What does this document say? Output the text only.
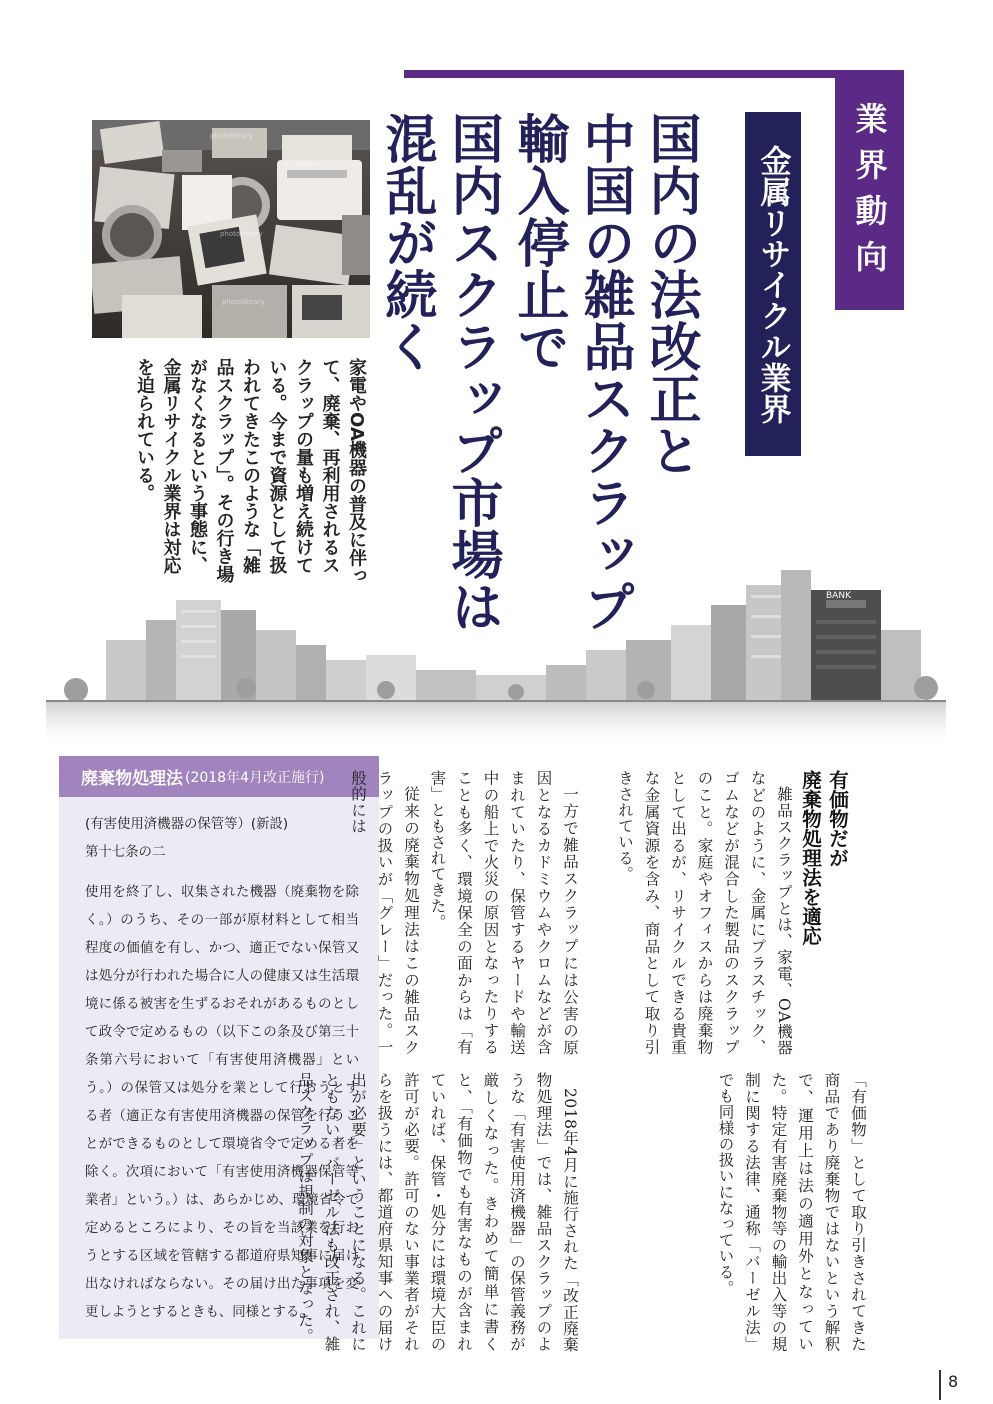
業界動向
金属リサイクル業界
国内の法改正と
中国の雑品スクラップ
輸入停止で
国内スクラップ市場は
混乱が続く
photolibrary
photolibrary
photolibrary
photolibrary
家電やOA機器の普及に伴って、廃棄、再利用されるスクラップの量も増え続けている。今まで資源として扱われてきたこのような「雑品スクラップ」。その行き場がなくなるという事態に、金属リサイクル業界は対応を迫られている。
BANK
廃棄物処理法 (2018年4月改正施行)
(有害使用済機器の保管等）(新設)
第十七条の二
使用を終了し、収集された機器（廃棄物を除く。）のうち、その一部が原材料として相当程度の価値を有し、かつ、適正でない保管又は処分が行われた場合に人の健康又は生活環境に係る被害を生ずるおそれがあるものとして政令で定めるもの（以下この条及び第三十条第六号において「有害使用済機器」という。）の保管又は処分を業として行おうとする者（適正な有害使用済機器の保管を行うことができるものとして環境省令で定める者を除く。次項において「有害使用済機器保管等業者」という。）は、あらかじめ、環境省令で定めるところにより、その旨を当該業を行おうとする区域を管轄する都道府県知事に届け出なければならない。その届け出た事項を変更しようとするときも、同様とする。
有価物だが
廃棄物処理法を適応
雑品スクラップとは、家電、OA機器などのように、金属にプラスチック、ゴムなどが混合した製品のスクラップのこと。家庭やオフィスからは廃棄物として出るが、リサイクルできる貴重な金属資源を含み、商品として取り引きされている。
一方で雑品スクラップには公害の原因となるカドミウムやクロムなどが含まれていたり、保管するヤードや輸送中の船上で火災の原因となったりすることも多く、環境保全の面からは「有害」ともされてきた。
従来の廃棄物処理法はこの雑品スクラップの扱いが「グレー」だった。一般的には
「有価物」として取り引きされてきた商品であり廃棄物ではないという解釈で、運用上は法の適用外となっていた。特定有害廃棄物等の輸出入等の規制に関する法律、通称「バーゼル法」でも同様の扱いになっている。
2018年4月に施行された「改正廃棄物処理法」では、雑品スクラップのような「有害使用済機器」の保管義務が厳しくなった。きわめて簡単に書くと、「有価物でも有害なものが含まれていれば、保管・処分には環境大臣の許可が必要。許可のない事業者がそれらを扱うには、都道府県知事への届け出が必要」ということになる。これにともない、バーゼル法も改正され、雑品スクラップは規制の対象となった。
8
